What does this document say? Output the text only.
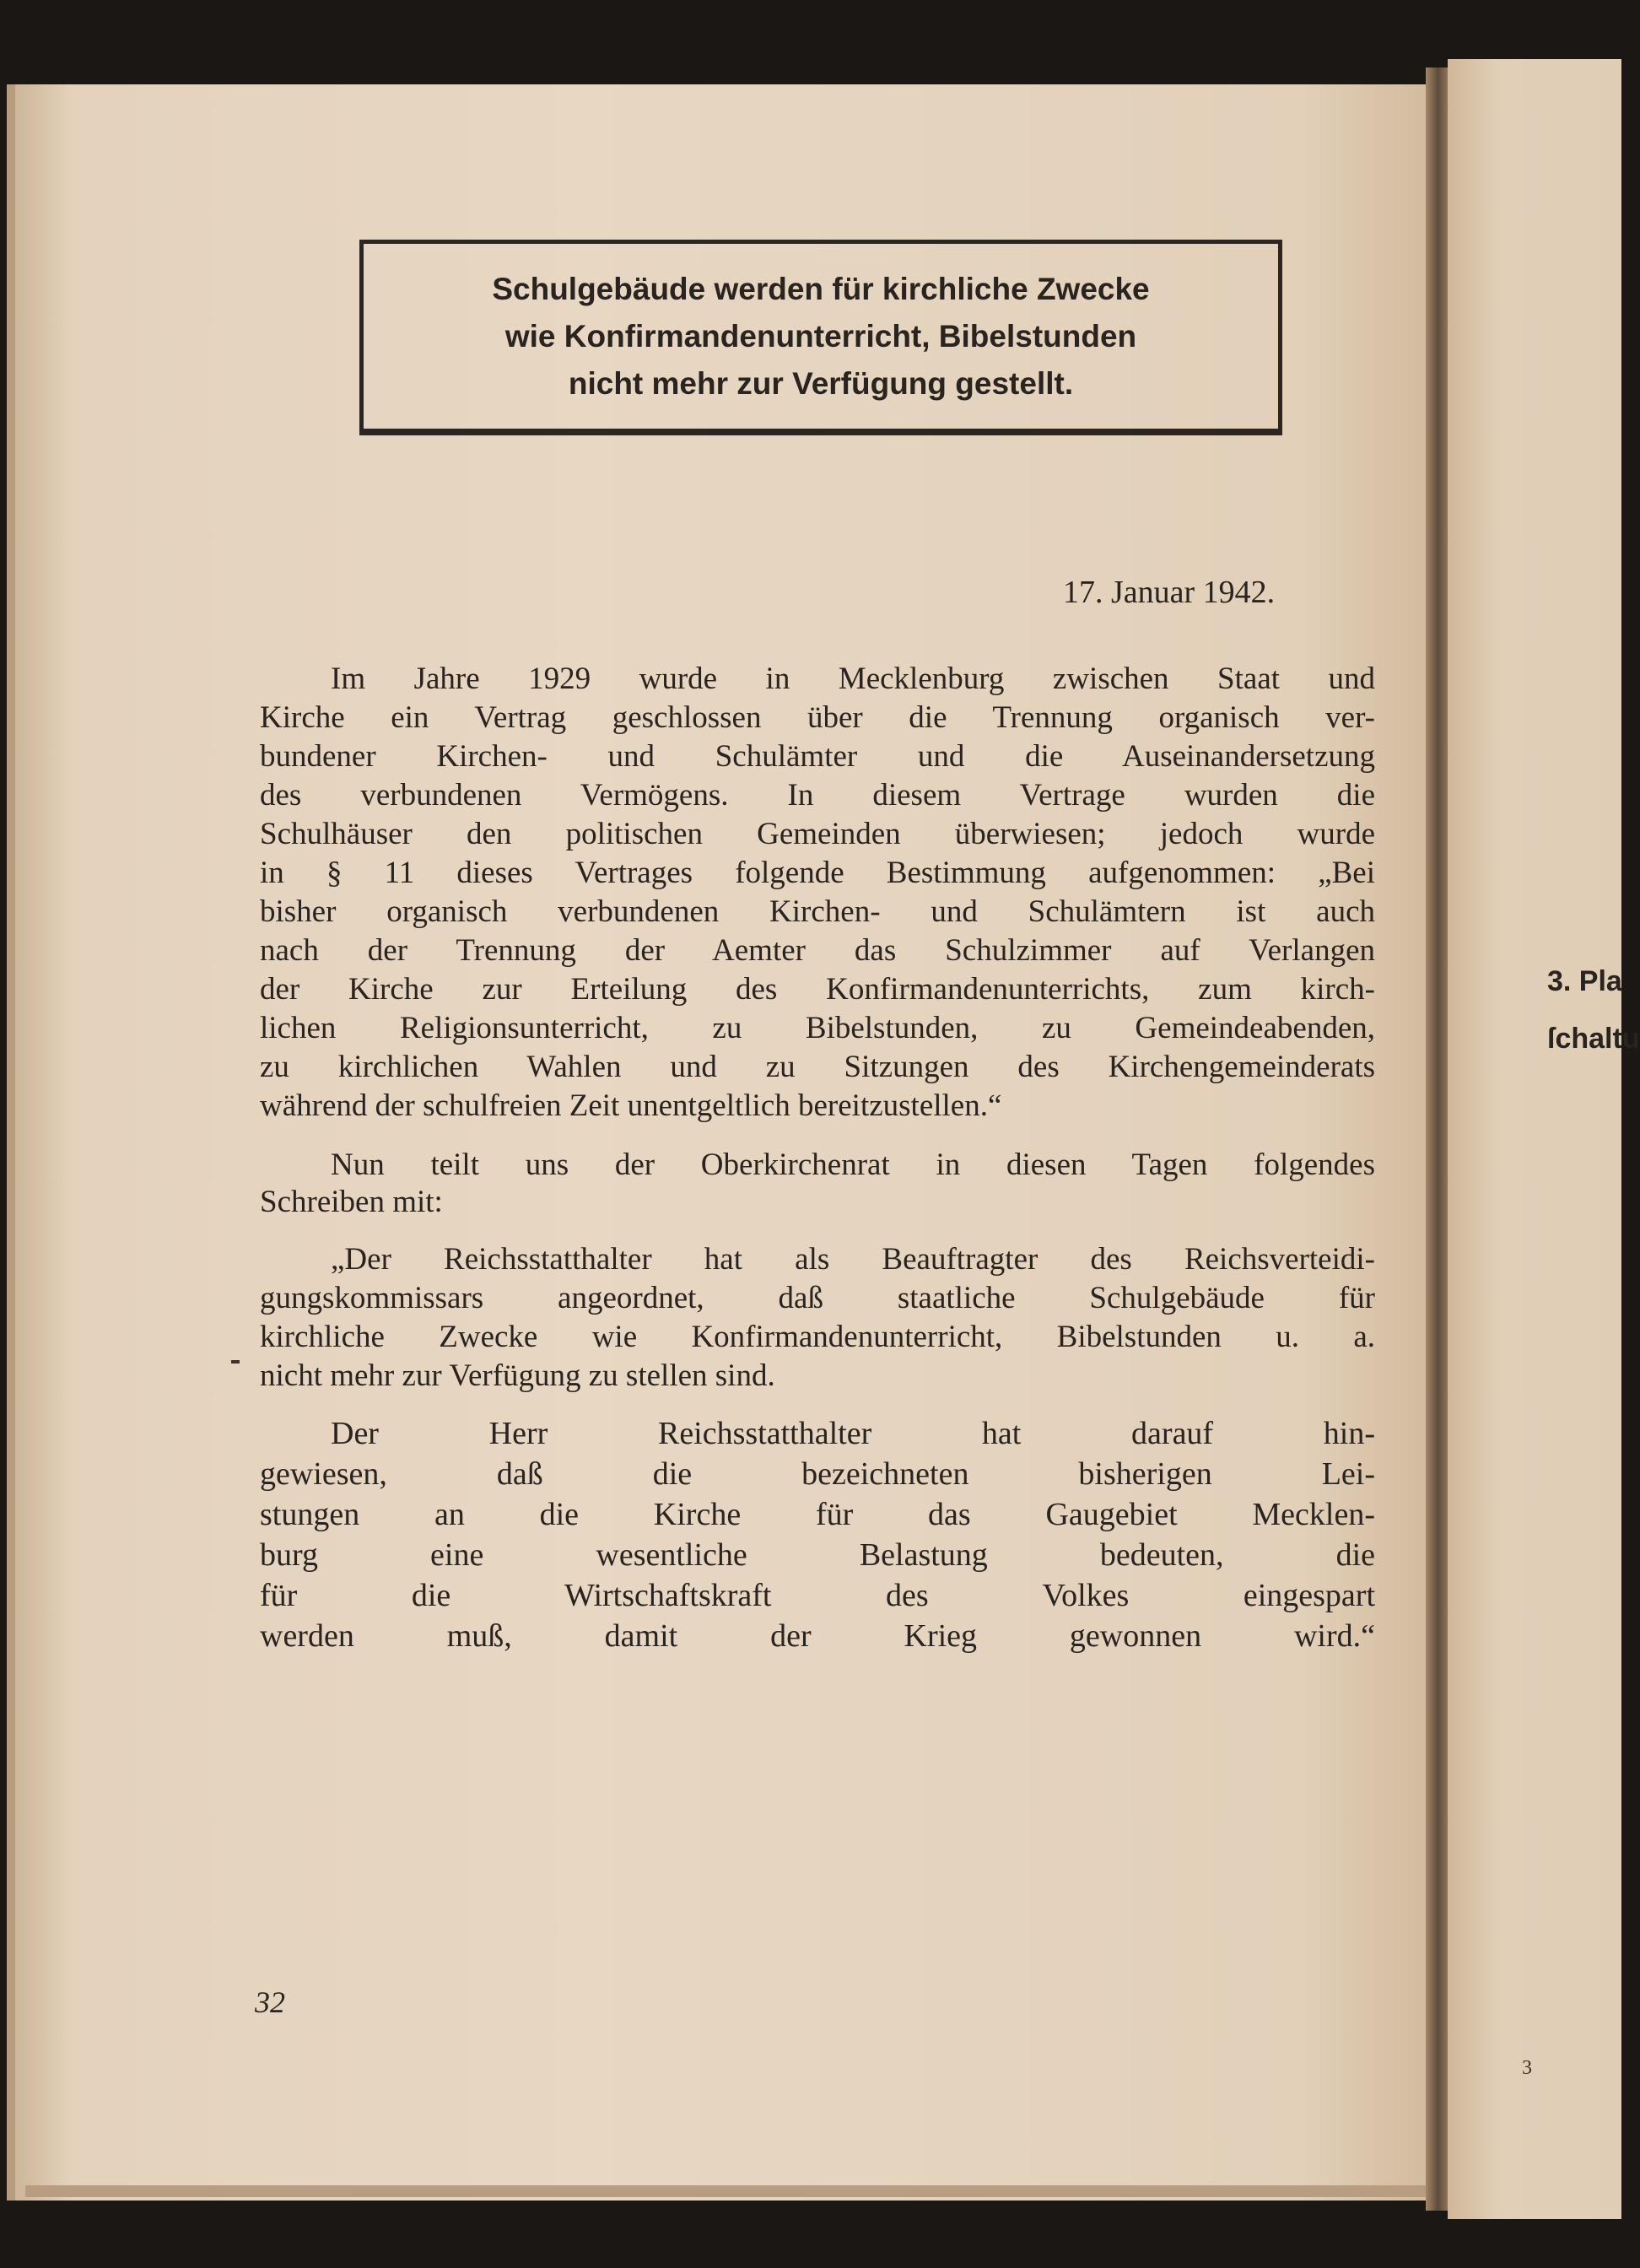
Schulgebäude werden für kirchliche Zwecke
wie Konfirmandenunterricht, Bibelstunden
nicht mehr zur Verfügung gestellt.
17. Januar 1942.
Im Jahre 1929 wurde in Mecklenburg zwischen Staat und
Kirche ein Vertrag geschlossen über die Trennung organisch ver-
bundener Kirchen- und Schulämter und die Auseinandersetzung
des verbundenen Vermögens. In diesem Vertrage wurden die
Schulhäuser den politischen Gemeinden überwiesen; jedoch wurde
in § 11 dieses Vertrages folgende Bestimmung aufgenommen: „Bei
bisher organisch verbundenen Kirchen- und Schulämtern ist auch
nach der Trennung der Aemter das Schulzimmer auf Verlangen
der Kirche zur Erteilung des Konfirmandenunterrichts, zum kirch-
lichen Religionsunterricht, zu Bibelstunden, zu Gemeindeabenden,
zu kirchlichen Wahlen und zu Sitzungen des Kirchengemeinderats
während der schulfreien Zeit unentgeltlich bereitzustellen.“
Nun teilt uns der Oberkirchenrat in diesen Tagen folgendes
Schreiben mit:
„Der Reichsstatthalter hat als Beauftragter des Reichsverteidi-
gungskommissars angeordnet, daß staatliche Schulgebäude für
kirchliche Zwecke wie Konfirmandenunterricht, Bibelstunden u. a.
nicht mehr zur Verfügung zu stellen sind.
Der Herr Reichsstatthalter hat darauf hin-
gewiesen, daß die bezeichneten bisherigen Lei-
stungen an die Kirche für das Gaugebiet Mecklen-
burg eine wesentliche Belastung bedeuten, die
für die Wirtschaftskraft des Volkes eingespart
werden muß, damit der Krieg gewonnen wird.“
32
3. Pla
ſchaltu
3
